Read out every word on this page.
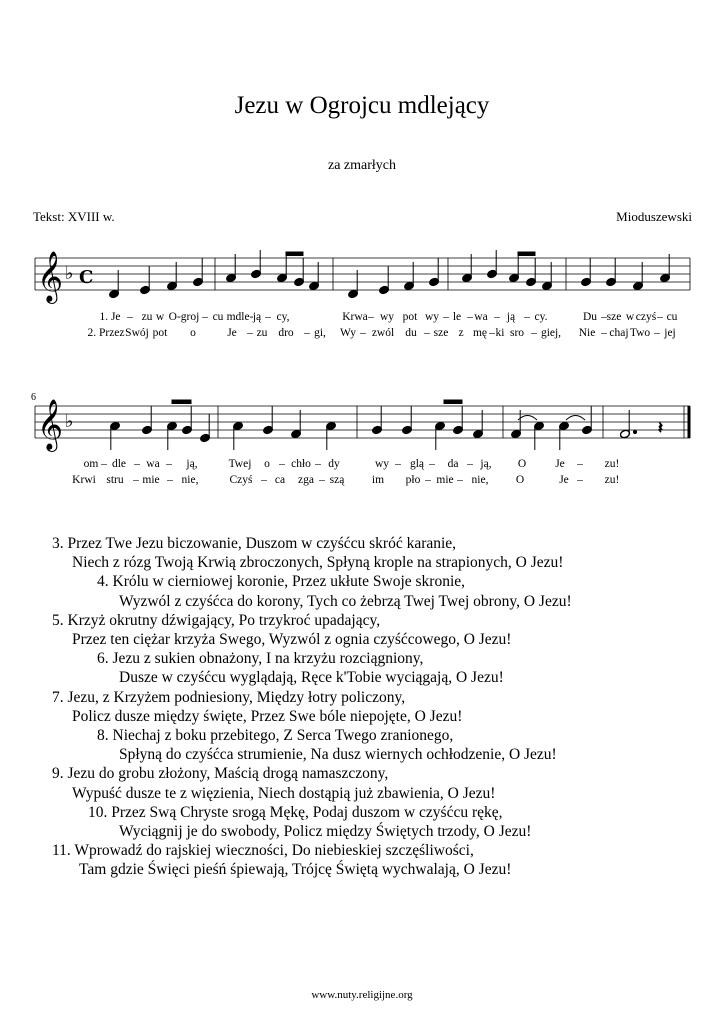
Jezu w Ogrojcu mdlejący
za zmarłych
Tekst: XVIII w.	Mioduszewski
𝄞 ♭ C
𝄞 ♭	𝄽
6
1. Je – zu w O-groj – cu mdle- ją – cy,	Krwa – wy pot wy – le – wa – ją – cy.	Du – sze w czyś – cu
2. Przez Swój pot o	Je – zu dro – gi, Wy – zwól du – sze z mę – ki sro – giej, Nie – chaj Two – jej
om – dle – wa – ją,	Twej o – chło – dy	wy – glą – da – ją, O	Je – zu!
Krwi stru – mie – nie,	Czyś – ca zga – szą im pło – mie – nie, O	Je – zu!
3. Przez Twe Jezu biczowanie, Duszom w czyśćcu skróć karanie,
Niech z rózg Twoją Krwią zbroczonych, Spłyną krople na strapionych, O Jezu!
4. Królu w cierniowej koronie, Przez ukłute Swoje skronie,
Wyzwól z czyśćca do korony, Tych co żebrzą Twej Twej obrony, O Jezu!
5. Krzyż okrutny dźwigający, Po trzykroć upadający,
Przez ten ciężar krzyża Swego, Wyzwól z ognia czyśćcowego, O Jezu!
6. Jezu z sukien obnażony, I na krzyżu rozciągniony,
Dusze w czyśćcu wyglądają, Ręce k'Tobie wyciągają, O Jezu!
7. Jezu, z Krzyżem podniesiony, Między łotry policzony,
Policz dusze między święte, Przez Swe bóle niepojęte, O Jezu!
8. Niechaj z boku przebitego, Z Serca Twego zranionego,
Spłyną do czyśćca strumienie, Na dusz wiernych ochłodzenie, O Jezu!
9. Jezu do grobu złożony, Maścią drogą namaszczony,
Wypuść dusze te z więzienia, Niech dostąpią już zbawienia, O Jezu!
10. Przez Swą Chryste srogą Mękę, Podaj duszom w czyśćcu rękę,
Wyciągnij je do swobody, Policz między Świętych trzody, O Jezu!
11. Wprowadź do rajskiej wieczności, Do niebieskiej szczęśliwości,
Tam gdzie Święci pieśń śpiewają, Trójcę Świętą wychwalają, O Jezu!
www.nuty.religijne.org
